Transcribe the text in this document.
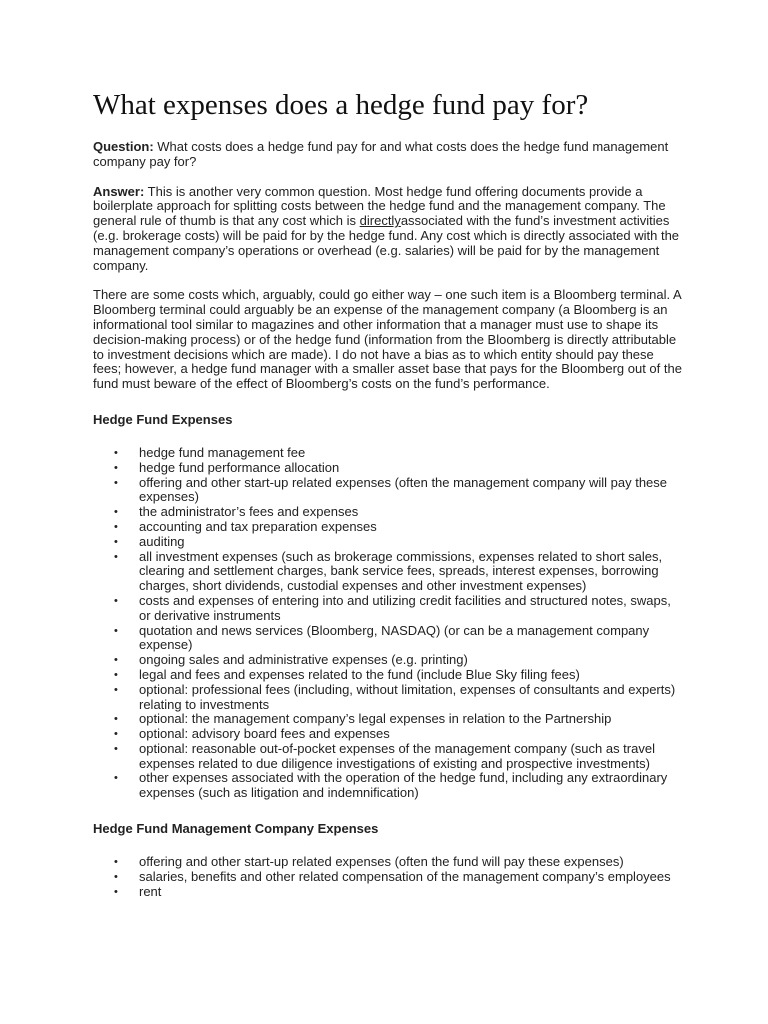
What expenses does a hedge fund pay for?

Question: What costs does a hedge fund pay for and what costs does the hedge fund management company pay for?

Answer: This is another very common question. Most hedge fund offering documents provide a boilerplate approach for splitting costs between the hedge fund and the management company. The general rule of thumb is that any cost which is directlyassociated with the fund’s investment activities (e.g. brokerage costs) will be paid for by the hedge fund. Any cost which is directly associated with the management company’s operations or overhead (e.g. salaries) will be paid for by the management company.

There are some costs which, arguably, could go either way – one such item is a Bloomberg terminal. A Bloomberg terminal could arguably be an expense of the management company (a Bloomberg is an informational tool similar to magazines and other information that a manager must use to shape its decision-making process) or of the hedge fund (information from the Bloomberg is directly attributable to investment decisions which are made). I do not have a bias as to which entity should pay these fees; however, a hedge fund manager with a smaller asset base that pays for the Bloomberg out of the fund must beware of the effect of Bloomberg’s costs on the fund’s performance.

Hedge Fund Expenses
• hedge fund management fee
• hedge fund performance allocation
• offering and other start-up related expenses (often the management company will pay these expenses)
• the administrator’s fees and expenses
• accounting and tax preparation expenses
• auditing
• all investment expenses (such as brokerage commissions, expenses related to short sales, clearing and settlement charges, bank service fees, spreads, interest expenses, borrowing charges, short dividends, custodial expenses and other investment expenses)
• costs and expenses of entering into and utilizing credit facilities and structured notes, swaps, or derivative instruments
• quotation and news services (Bloomberg, NASDAQ) (or can be a management company expense)
• ongoing sales and administrative expenses (e.g. printing)
• legal and fees and expenses related to the fund (include Blue Sky filing fees)
• optional: professional fees (including, without limitation, expenses of consultants and experts) relating to investments
• optional: the management company’s legal expenses in relation to the Partnership
• optional: advisory board fees and expenses
• optional: reasonable out-of-pocket expenses of the management company (such as travel expenses related to due diligence investigations of existing and prospective investments)
• other expenses associated with the operation of the hedge fund, including any extraordinary expenses (such as litigation and indemnification)
Hedge Fund Management Company Expenses
• offering and other start-up related expenses (often the fund will pay these expenses)
• salaries, benefits and other related compensation of the management company’s employees
• rent
